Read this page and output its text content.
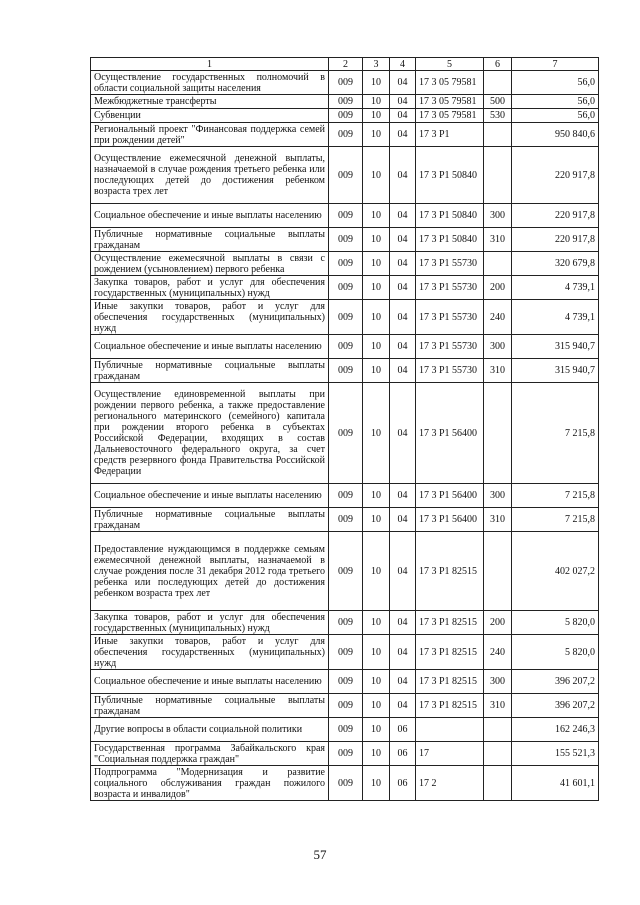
1	2	3	4	5	6	7
Осуществление государственных полномочий в области социальной защиты населения	009	10	04	17 3 05 79581		56,0
Межбюджетные трансферты	009	10	04	17 3 05 79581	500	56,0
Субвенции	009	10	04	17 3 05 79581	530	56,0
Региональный проект "Финансовая поддержка семей при рождении детей"	009	10	04	17 3 P1		950 840,6
Осуществление ежемесячной денежной выплаты, назначаемой в случае рождения третьего ребенка или последующих детей до достижения ребенком возраста трех лет	009	10	04	17 3 P1 50840		220 917,8
Социальное обеспечение и иные выплаты населению	009	10	04	17 3 P1 50840	300	220 917,8
Публичные нормативные социальные выплаты гражданам	009	10	04	17 3 P1 50840	310	220 917,8
Осуществление ежемесячной выплаты в связи с рождением (усыновлением) первого ребенка	009	10	04	17 3 P1 55730		320 679,8
Закупка товаров, работ и услуг для обеспечения государственных (муниципальных) нужд	009	10	04	17 3 P1 55730	200	4 739,1
Иные закупки товаров, работ и услуг для обеспечения государственных (муниципальных) нужд	009	10	04	17 3 P1 55730	240	4 739,1
Социальное обеспечение и иные выплаты населению	009	10	04	17 3 P1 55730	300	315 940,7
Публичные нормативные социальные выплаты гражданам	009	10	04	17 3 P1 55730	310	315 940,7
Осуществление единовременной выплаты при рождении первого ребенка, а также предоставление регионального материнского (семейного) капитала при рождении второго ребенка в субъектах Российской Федерации, входящих в состав Дальневосточного федерального округа, за счет средств резервного фонда Правительства Российской Федерации	009	10	04	17 3 P1 56400		7 215,8
Социальное обеспечение и иные выплаты населению	009	10	04	17 3 P1 56400	300	7 215,8
Публичные нормативные социальные выплаты гражданам	009	10	04	17 3 P1 56400	310	7 215,8
Предоставление нуждающимся в поддержке семьям ежемесячной денежной выплаты, назначаемой в случае рождения после 31 декабря 2012 года третьего ребенка или последующих детей до достижения ребенком возраста трех лет	009	10	04	17 3 P1 82515		402 027,2
Закупка товаров, работ и услуг для обеспечения государственных (муниципальных) нужд	009	10	04	17 3 P1 82515	200	5 820,0
Иные закупки товаров, работ и услуг для обеспечения государственных (муниципальных) нужд	009	10	04	17 3 P1 82515	240	5 820,0
Социальное обеспечение и иные выплаты населению	009	10	04	17 3 P1 82515	300	396 207,2
Публичные нормативные социальные выплаты гражданам	009	10	04	17 3 P1 82515	310	396 207,2
Другие вопросы в области социальной политики	009	10	06			162 246,3
Государственная программа Забайкальского края "Социальная поддержка граждан"	009	10	06	17		155 521,3
Подпрограмма "Модернизация и развитие социального обслуживания граждан пожилого возраста и инвалидов"	009	10	06	17 2		41 601,1
57
